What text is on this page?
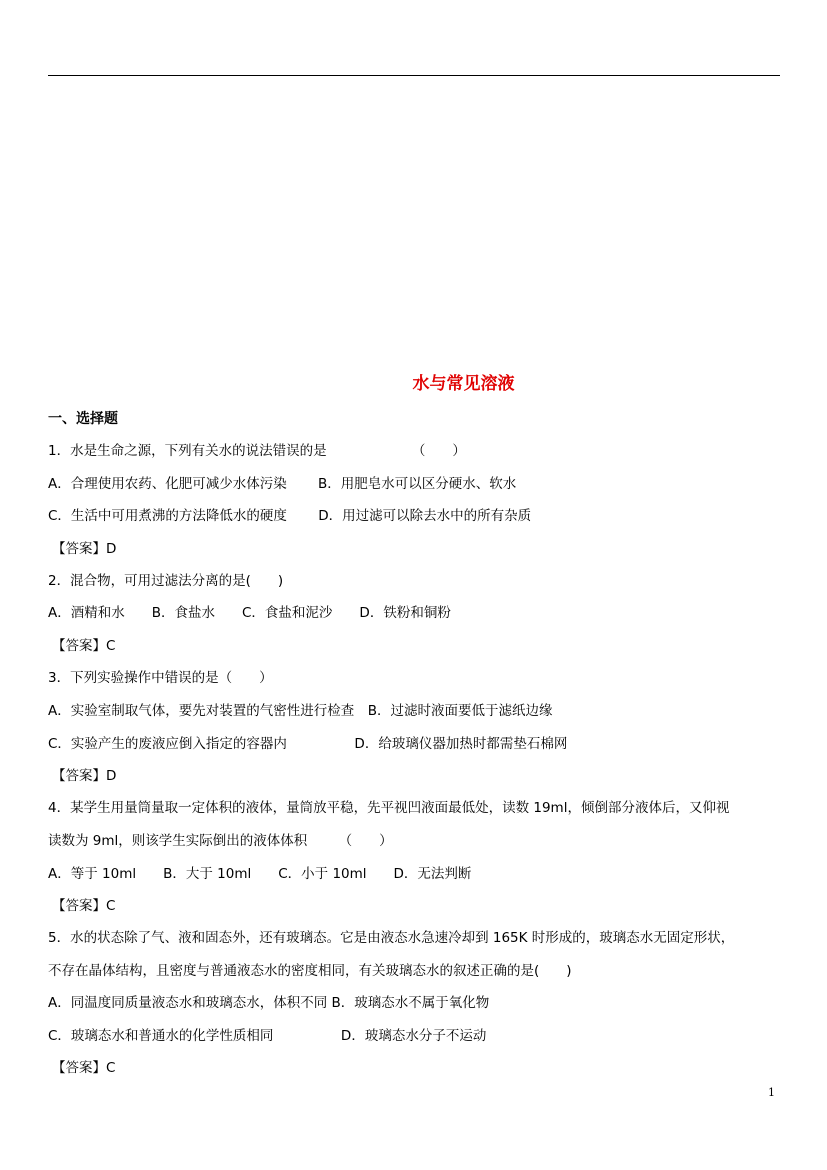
水与常见溶液
一、选择题
1．水是生命之源，下列有关水的说法错误的是　　　　　　 （　　）
A．合理使用农药、化肥可减少水体污染　　 B．用肥皂水可以区分硬水、软水
C．生活中可用煮沸的方法降低水的硬度　　 D．用过滤可以除去水中的所有杂质
【答案】D
2．混合物，可用过滤法分离的是(　　)
A．酒精和水　　B．食盐水　　C．食盐和泥沙　　D．铁粉和铜粉
【答案】C
3．下列实验操作中错误的是（　　）
A．实验室制取气体，要先对装置的气密性进行检查　B．过滤时液面要低于滤纸边缘
C．实验产生的废液应倒入指定的容器内　　　　　D．给玻璃仪器加热时都需垫石棉网
【答案】D
4．某学生用量筒量取一定体积的液体，量筒放平稳，先平视凹液面最低处，读数 19ml，倾倒部分液体后，又仰视
读数为 9ml，则该学生实际倒出的液体体积　　 （　　）
A．等于 10ml　　B．大于 10ml　　C．小于 10ml　　D．无法判断
【答案】C
5．水的状态除了气、液和固态外，还有玻璃态。它是由液态水急速冷却到 165K 时形成的，玻璃态水无固定形状，
不存在晶体结构，且密度与普通液态水的密度相同，有关玻璃态水的叙述正确的是(　　)
A．同温度同质量液态水和玻璃态水，体积不同 B．玻璃态水不属于氧化物
C．玻璃态水和普通水的化学性质相同　　　　　D．玻璃态水分子不运动
【答案】C
1
